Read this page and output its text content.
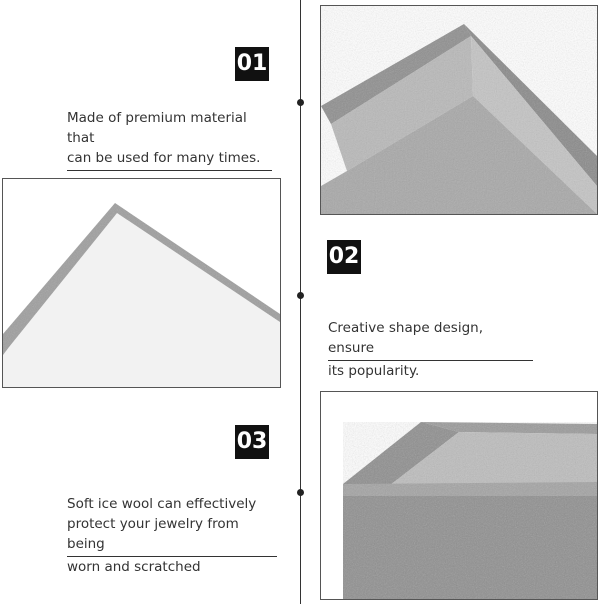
01
Made of premium material that
can be used for many times.
02
Creative shape design, ensure
its popularity.
03
Soft ice wool can effectively
protect your jewelry from being
worn and scratched
